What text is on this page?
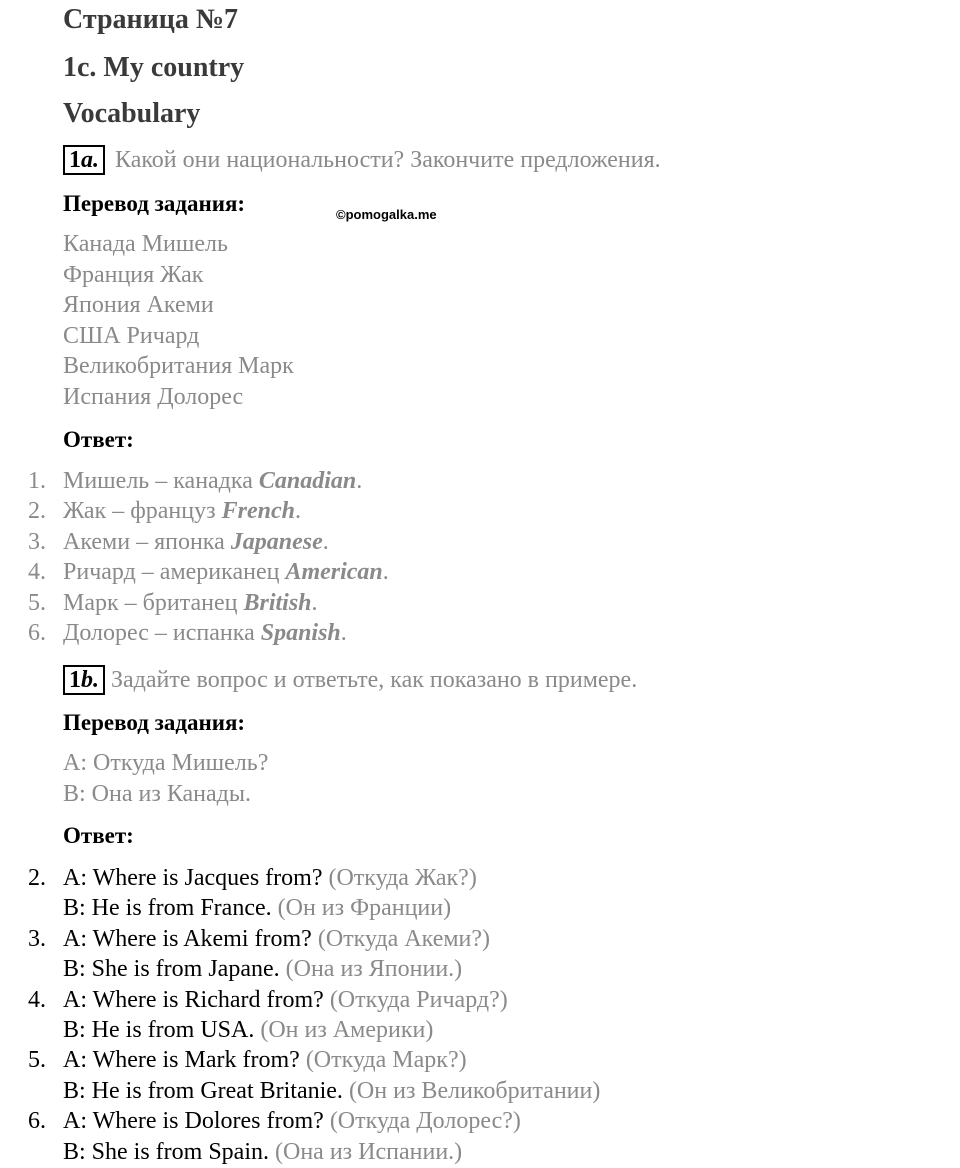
Страница №7
1c. My country
Vocabulary
1a. Какой они национальности? Закончите предложения.
Перевод задания:	©pomogalka.me
Канада Мишель
Франция Жак
Япония Акеми
США Ричард
Великобритания Марк
Испания Долорес
Ответ:
1. Мишель – канадка Canadian.
2. Жак – француз French.
3. Акеми – японка Japanese.
4. Ричард – американец American.
5. Марк – британец British.
6. Долорес – испанка Spanish.
1b. Задайте вопрос и ответьте, как показано в примере.
Перевод задания:
А: Откуда Мишель?
В: Она из Канады.
Ответ:
2. A: Where is Jacques from? (Откуда Жак?)
B: He is from France. (Он из Франции)
3. A: Where is Akemi from? (Откуда Акеми?)
B: She is from Japane. (Она из Японии.)
4. A: Where is Richard from? (Откуда Ричард?)
B: He is from USA. (Он из Америки)
5. A: Where is Mark from? (Откуда Марк?)
B: He is from Great Britanie. (Он из Великобритании)
6. A: Where is Dolores from? (Откуда Долорес?)
B: She is from Spain. (Она из Испании.)
